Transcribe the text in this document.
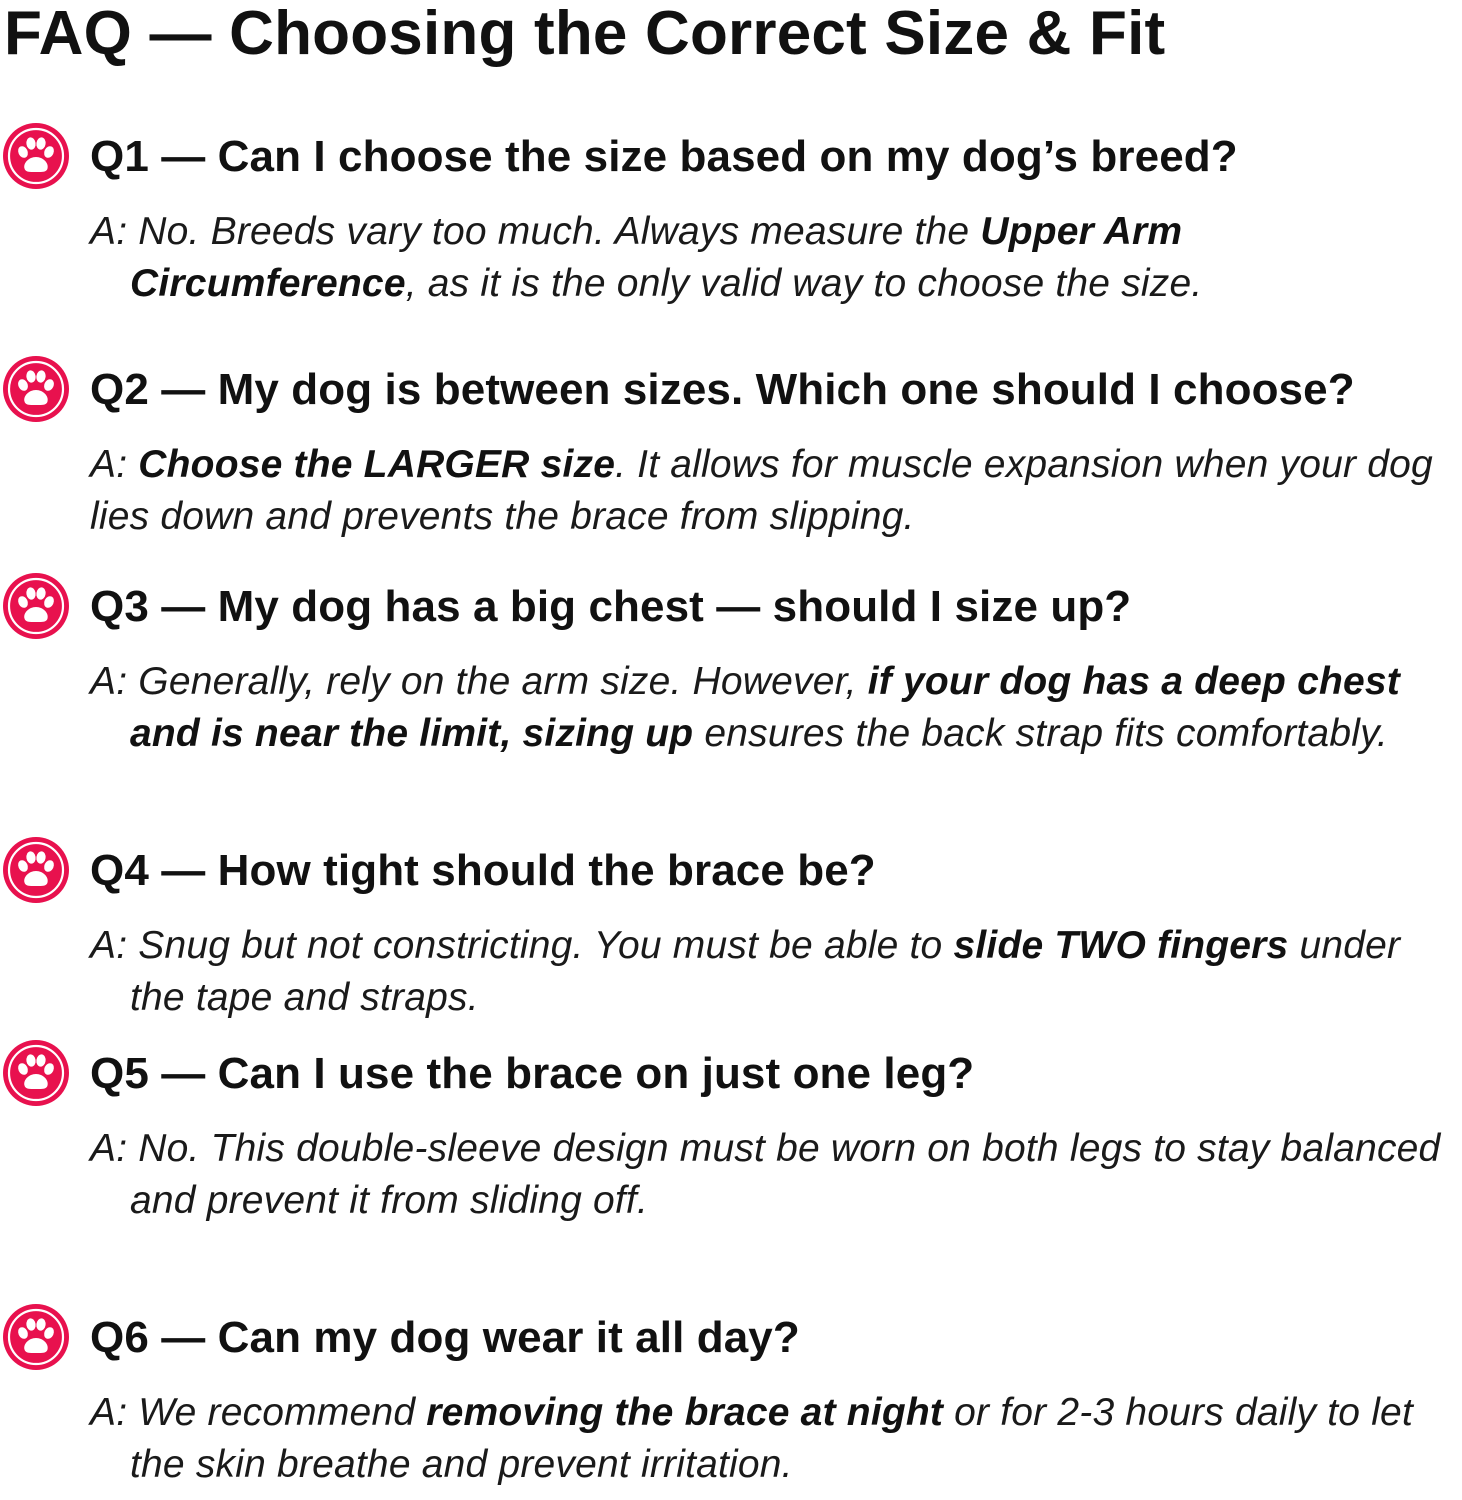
FAQ — Choosing the Correct Size & Fit
Q1 — Can I choose the size based on my dog’s breed?

A: No. Breeds vary too much. Always measure the Upper Arm Circumference, as it is the only valid way to choose the size.

Q2 — My dog is between sizes. Which one should I choose?

A: Choose the LARGER size. It allows for muscle expansion when your dog lies down and prevents the brace from slipping.

Q3 — My dog has a big chest — should I size up?

A: Generally, rely on the arm size. However, if your dog has a deep chest and is near the limit, sizing up ensures the back strap fits comfortably.

Q4 — How tight should the brace be?

A: Snug but not constricting. You must be able to slide TWO fingers under the tape and straps.

Q5 — Can I use the brace on just one leg?

A: No. This double-sleeve design must be worn on both legs to stay balanced and prevent it from sliding off.

Q6 — Can my dog wear it all day?

A: We recommend removing the brace at night or for 2-3 hours daily to let the skin breathe and prevent irritation.
